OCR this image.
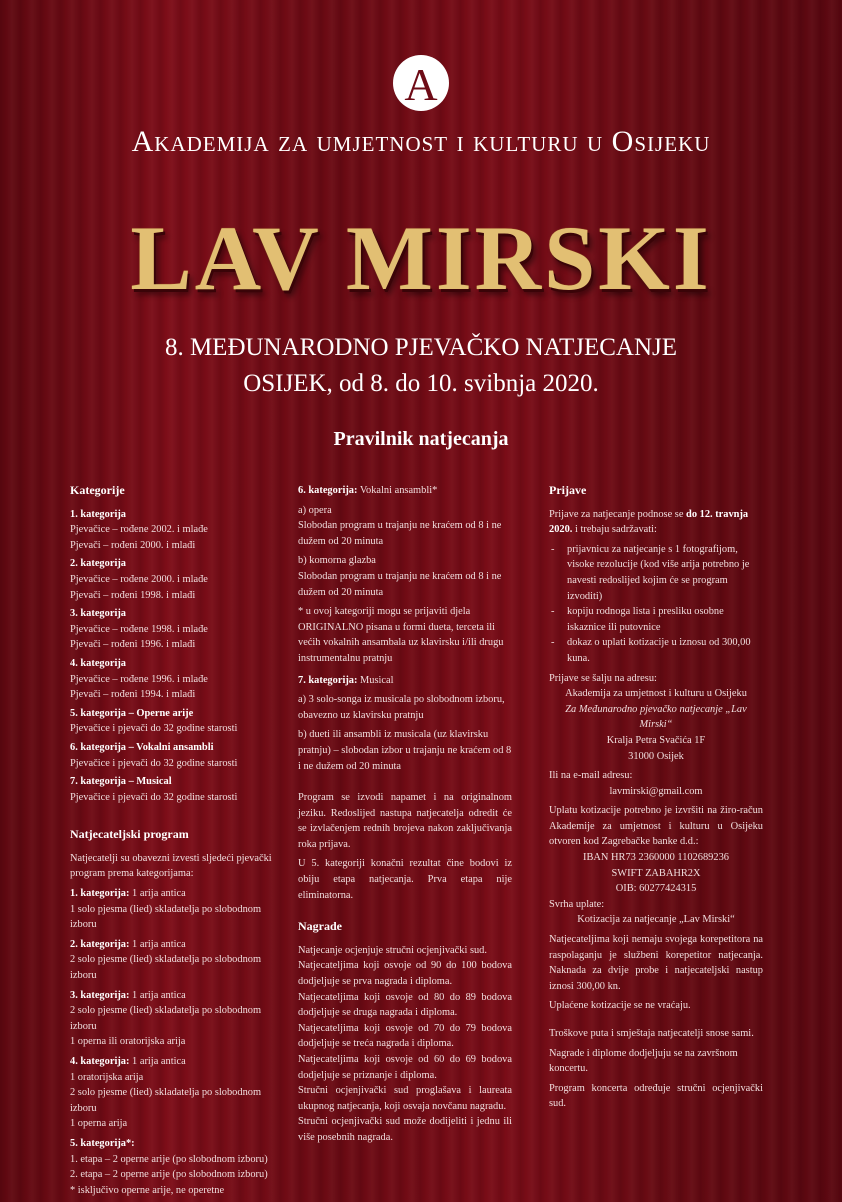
A
Akademija za umjetnost i kulturu u Osijeku
LAV MIRSKI
8. MEĐUNARODNO PJEVAČKO NATJECANJE
OSIJEK, od 8. do 10. svibnja 2020.
Pravilnik natjecanja
Kategorije
1. kategorija
Pjevačice – rođene 2002. i mlađe
Pjevači – rođeni 2000. i mlađi
2. kategorija
Pjevačice – rođene 2000. i mlađe
Pjevači – rođeni 1998. i mlađi
3. kategorija
Pjevačice – rođene 1998. i mlađe
Pjevači – rođeni 1996. i mlađi
4. kategorija
Pjevačice – rođene 1996. i mlađe
Pjevači – rođeni 1994. i mlađi
5. kategorija – Operne arije
Pjevačice i pjevači do 32 godine starosti
6. kategorija – Vokalni ansambli
Pjevačice i pjevači do 32 godine starosti
7. kategorija – Musical
Pjevačice i pjevači do 32 godine starosti
Natjecateljski program
Natjecatelji su obavezni izvesti sljedeći pjevački program prema kategorijama:
1. kategorija: 1 arija antica
1 solo pjesma (lied) skladatelja po slobodnom izboru
2. kategorija: 1 arija antica
2 solo pjesme (lied) skladatelja po slobodnom izboru
3. kategorija: 1 arija antica
2 solo pjesme (lied) skladatelja po slobodnom izboru
1 operna ili oratorijska arija
4. kategorija: 1 arija antica
1 oratorijska arija
2 solo pjesme (lied) skladatelja po slobodnom izboru
1 operna arija
5. kategorija*:
1. etapa – 2 operne arije (po slobodnom izboru)
2. etapa – 2 operne arije (po slobodnom izboru)
* isključivo operne arije, ne operetne
6. kategorija: Vokalni ansambli*
a) opera
Slobodan program u trajanju ne kraćem od 8 i ne dužem od 20 minuta
b) komorna glazba
Slobodan program u trajanju ne kraćem od 8 i ne dužem od 20 minuta
* u ovoj kategoriji mogu se prijaviti djela ORIGINALNO pisana u formi dueta, terceta ili većih vokalnih ansambala uz klavirsku i/ili drugu instrumentalnu pratnju
7. kategorija: Musical
a) 3 solo-songa iz musicala po slobodnom izboru, obavezno uz klavirsku pratnju
b) dueti ili ansambli iz musicala (uz klavirsku pratnju) – slobodan izbor u trajanju ne kraćem od 8 i ne dužem od 20 minuta
Program se izvodi napamet i na originalnom jeziku. Redoslijed nastupa natjecatelja odredit će se izvlačenjem rednih brojeva nakon zaključivanja roka prijava.
U 5. kategoriji konačni rezultat čine bodovi iz obiju etapa natjecanja. Prva etapa nije eliminatorna.
Nagrade
Natjecanje ocjenjuje stručni ocjenjivački sud.
Natjecateljima koji osvoje od 90 do 100 bodova dodjeljuje se prva nagrada i diploma.
Natjecateljima koji osvoje od 80 do 89 bodova dodjeljuje se druga nagrada i diploma.
Natjecateljima koji osvoje od 70 do 79 bodova dodjeljuje se treća nagrada i diploma.
Natjecateljima koji osvoje od 60 do 69 bodova dodjeljuje se priznanje i diploma.
Stručni ocjenjivački sud proglašava i laureata ukupnog natjecanja, koji osvaja novčanu nagradu.
Stručni ocjenjivački sud može dodijeliti i jednu ili više posebnih nagrada.
Prijave
Prijave za natjecanje podnose se do 12. travnja 2020. i trebaju sadržavati:
- prijavnicu za natjecanje s 1 fotografijom, visoke rezolucije (kod više arija potrebno je navesti redoslijed kojim će se program izvoditi)
- kopiju rodnoga lista i presliku osobne iskaznice ili putovnice
- dokaz o uplati kotizacije u iznosu od 300,00 kuna.
Prijave se šalju na adresu:
Akademija za umjetnost i kulturu u Osijeku
Za Međunarodno pjevačko natjecanje „Lav Mirski“
Kralja Petra Svačića 1F
31000 Osijek
Ili na e-mail adresu:
lavmirski@gmail.com
Uplatu kotizacije potrebno je izvršiti na žiro-račun Akademije za umjetnost i kulturu u Osijeku otvoren kod Zagrebačke banke d.d.:
IBAN HR73 2360000 1102689236
SWIFT ZABAHR2X
OIB: 60277424315
Svrha uplate:
Kotizacija za natjecanje „Lav Mirski“
Natjecateljima koji nemaju svojega korepetitora na raspolaganju je službeni korepetitor natjecanja. Naknada za dvije probe i natjecateljski nastup iznosi 300,00 kn.
Uplaćene kotizacije se ne vraćaju.
Troškove puta i smještaja natjecatelji snose sami.
Nagrade i diplome dodjeljuju se na završnom koncertu.
Program koncerta određuje stručni ocjenjivački sud.
